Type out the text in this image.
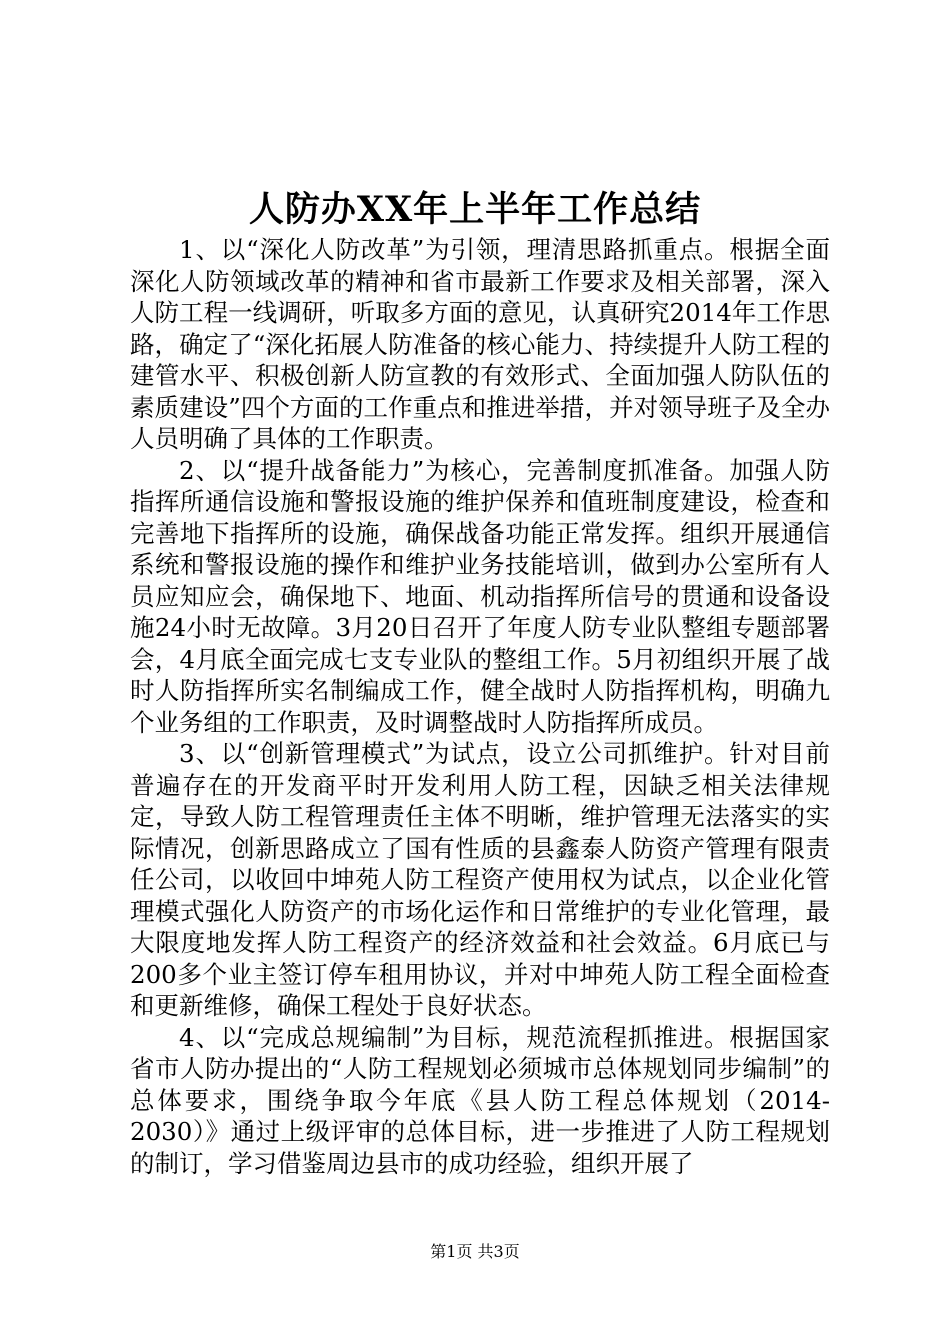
人防办XX年上半年工作总结

1、以“深化人防改革”为引领，理清思路抓重点。根据全面深化人防领域改革的精神和省市最新工作要求及相关部署，深入人防工程一线调研，听取多方面的意见，认真研究2014年工作思路，确定了“深化拓展人防准备的核心能力、持续提升人防工程的建管水平、积极创新人防宣教的有效形式、全面加强人防队伍的素质建设”四个方面的工作重点和推进举措，并对领导班子及全办人员明确了具体的工作职责。

2、以“提升战备能力”为核心，完善制度抓准备。加强人防指挥所通信设施和警报设施的维护保养和值班制度建设，检查和完善地下指挥所的设施，确保战备功能正常发挥。组织开展通信系统和警报设施的操作和维护业务技能培训，做到办公室所有人员应知应会，确保地下、地面、机动指挥所信号的贯通和设备设施24小时无故障。3月20日召开了年度人防专业队整组专题部署会，4月底全面完成七支专业队的整组工作。5月初组织开展了战时人防指挥所实名制编成工作，健全战时人防指挥机构，明确九个业务组的工作职责，及时调整战时人防指挥所成员。

3、以“创新管理模式”为试点，设立公司抓维护。针对目前普遍存在的开发商平时开发利用人防工程，因缺乏相关法律规定，导致人防工程管理责任主体不明晰，维护管理无法落实的实际情况，创新思路成立了国有性质的县鑫泰人防资产管理有限责任公司，以收回中坤苑人防工程资产使用权为试点，以企业化管理模式强化人防资产的市场化运作和日常维护的专业化管理，最大限度地发挥人防工程资产的经济效益和社会效益。6月底已与200多个业主签订停车租用协议，并对中坤苑人防工程全面检查和更新维修，确保工程处于良好状态。

4、以“完成总规编制”为目标，规范流程抓推进。根据国家省市人防办提出的“人防工程规划必须城市总体规划同步编制”的总体要求，围绕争取今年底《县人防工程总体规划（2014-2030）》通过上级评审的总体目标，进一步推进了人防工程规划的制订，学习借鉴周边县市的成功经验，组织开展了

第1页 共3页
